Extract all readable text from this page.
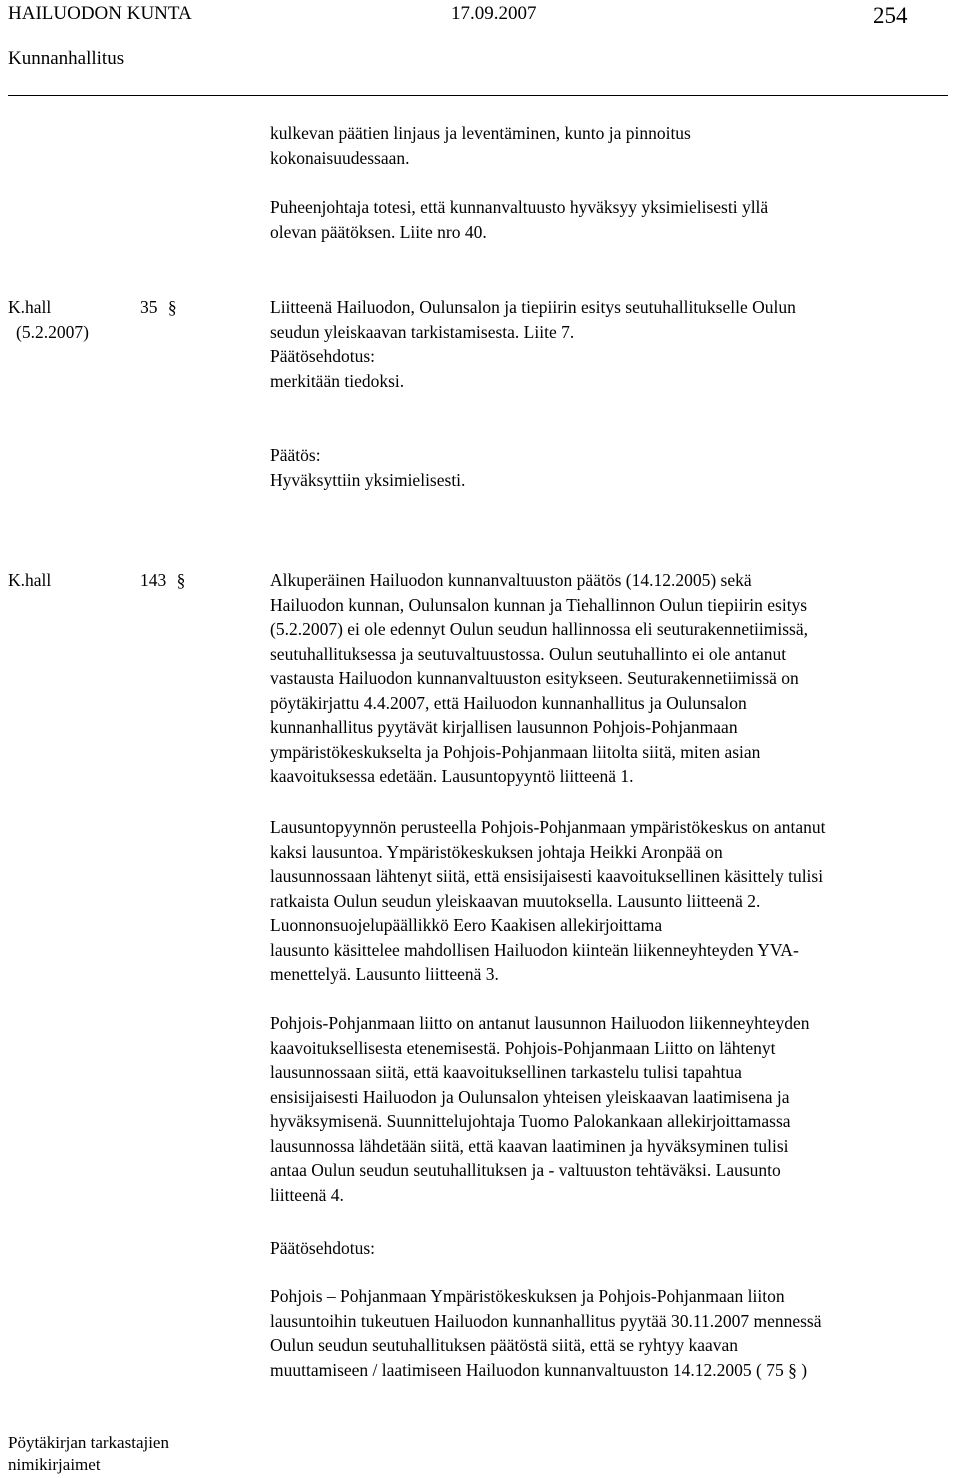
HAILUODON KUNTA	17.09.2007	254
Kunnanhallitus
kulkevan päätien linjaus ja leventäminen, kunto ja pinnoitus
kokonaisuudessaan.
Puheenjohtaja totesi, että kunnanvaltuusto hyväksyy yksimielisesti yllä
olevan päätöksen. Liite nro 40.
K.hall
(5.2.2007)
35 §	Liitteenä Hailuodon, Oulunsalon ja tiepiirin esitys seutuhallitukselle Oulun
seudun yleiskaavan tarkistamisesta. Liite 7.
Päätösehdotus:
merkitään tiedoksi.
Päätös:
Hyväksyttiin yksimielisesti.
K.hall	143 §	Alkuperäinen Hailuodon kunnanvaltuuston päätös (14.12.2005) sekä
Hailuodon kunnan, Oulunsalon kunnan ja Tiehallinnon Oulun tiepiirin esitys
(5.2.2007) ei ole edennyt Oulun seudun hallinnossa eli seuturakennetiimissä,
seutuhallituksessa ja seutuvaltuustossa. Oulun seutuhallinto ei ole antanut
vastausta Hailuodon kunnanvaltuuston esitykseen. Seuturakennetiimissä on
pöytäkirjattu 4.4.2007, että Hailuodon kunnanhallitus ja Oulunsalon
kunnanhallitus pyytävät kirjallisen lausunnon Pohjois-Pohjanmaan
ympäristökeskukselta ja Pohjois-Pohjanmaan liitolta siitä, miten asian
kaavoituksessa edetään. Lausuntopyyntö liitteenä 1.
Lausuntopyynnön perusteella Pohjois-Pohjanmaan ympäristökeskus on antanut
kaksi lausuntoa. Ympäristökeskuksen johtaja Heikki Aronpää on
lausunnossaan lähtenyt siitä, että ensisijaisesti kaavoituksellinen käsittely tulisi
ratkaista Oulun seudun yleiskaavan muutoksella. Lausunto liitteenä 2.
Luonnonsuojelupäällikkö Eero Kaakisen allekirjoittama
lausunto käsittelee mahdollisen Hailuodon kiinteän liikenneyhteyden YVA-
menettelyä. Lausunto liitteenä 3.
Pohjois-Pohjanmaan liitto on antanut lausunnon Hailuodon liikenneyhteyden
kaavoituksellisesta etenemisestä. Pohjois-Pohjanmaan Liitto on lähtenyt
lausunnossaan siitä, että kaavoituksellinen tarkastelu tulisi tapahtua
ensisijaisesti Hailuodon ja Oulunsalon yhteisen yleiskaavan laatimisena ja
hyväksymisenä. Suunnittelujohtaja Tuomo Palokankaan allekirjoittamassa
lausunnossa lähdetään siitä, että kaavan laatiminen ja hyväksyminen tulisi
antaa Oulun seudun seutuhallituksen ja - valtuuston tehtäväksi. Lausunto
liitteenä 4.
Päätösehdotus:
Pohjois – Pohjanmaan Ympäristökeskuksen ja Pohjois-Pohjanmaan liiton
lausuntoihin tukeutuen Hailuodon kunnanhallitus pyytää 30.11.2007 mennessä
Oulun seudun seutuhallituksen päätöstä siitä, että se ryhtyy kaavan
muuttamiseen / laatimiseen Hailuodon kunnanvaltuuston 14.12.2005 ( 75 § )
Pöytäkirjan tarkastajien
nimikirjaimet
